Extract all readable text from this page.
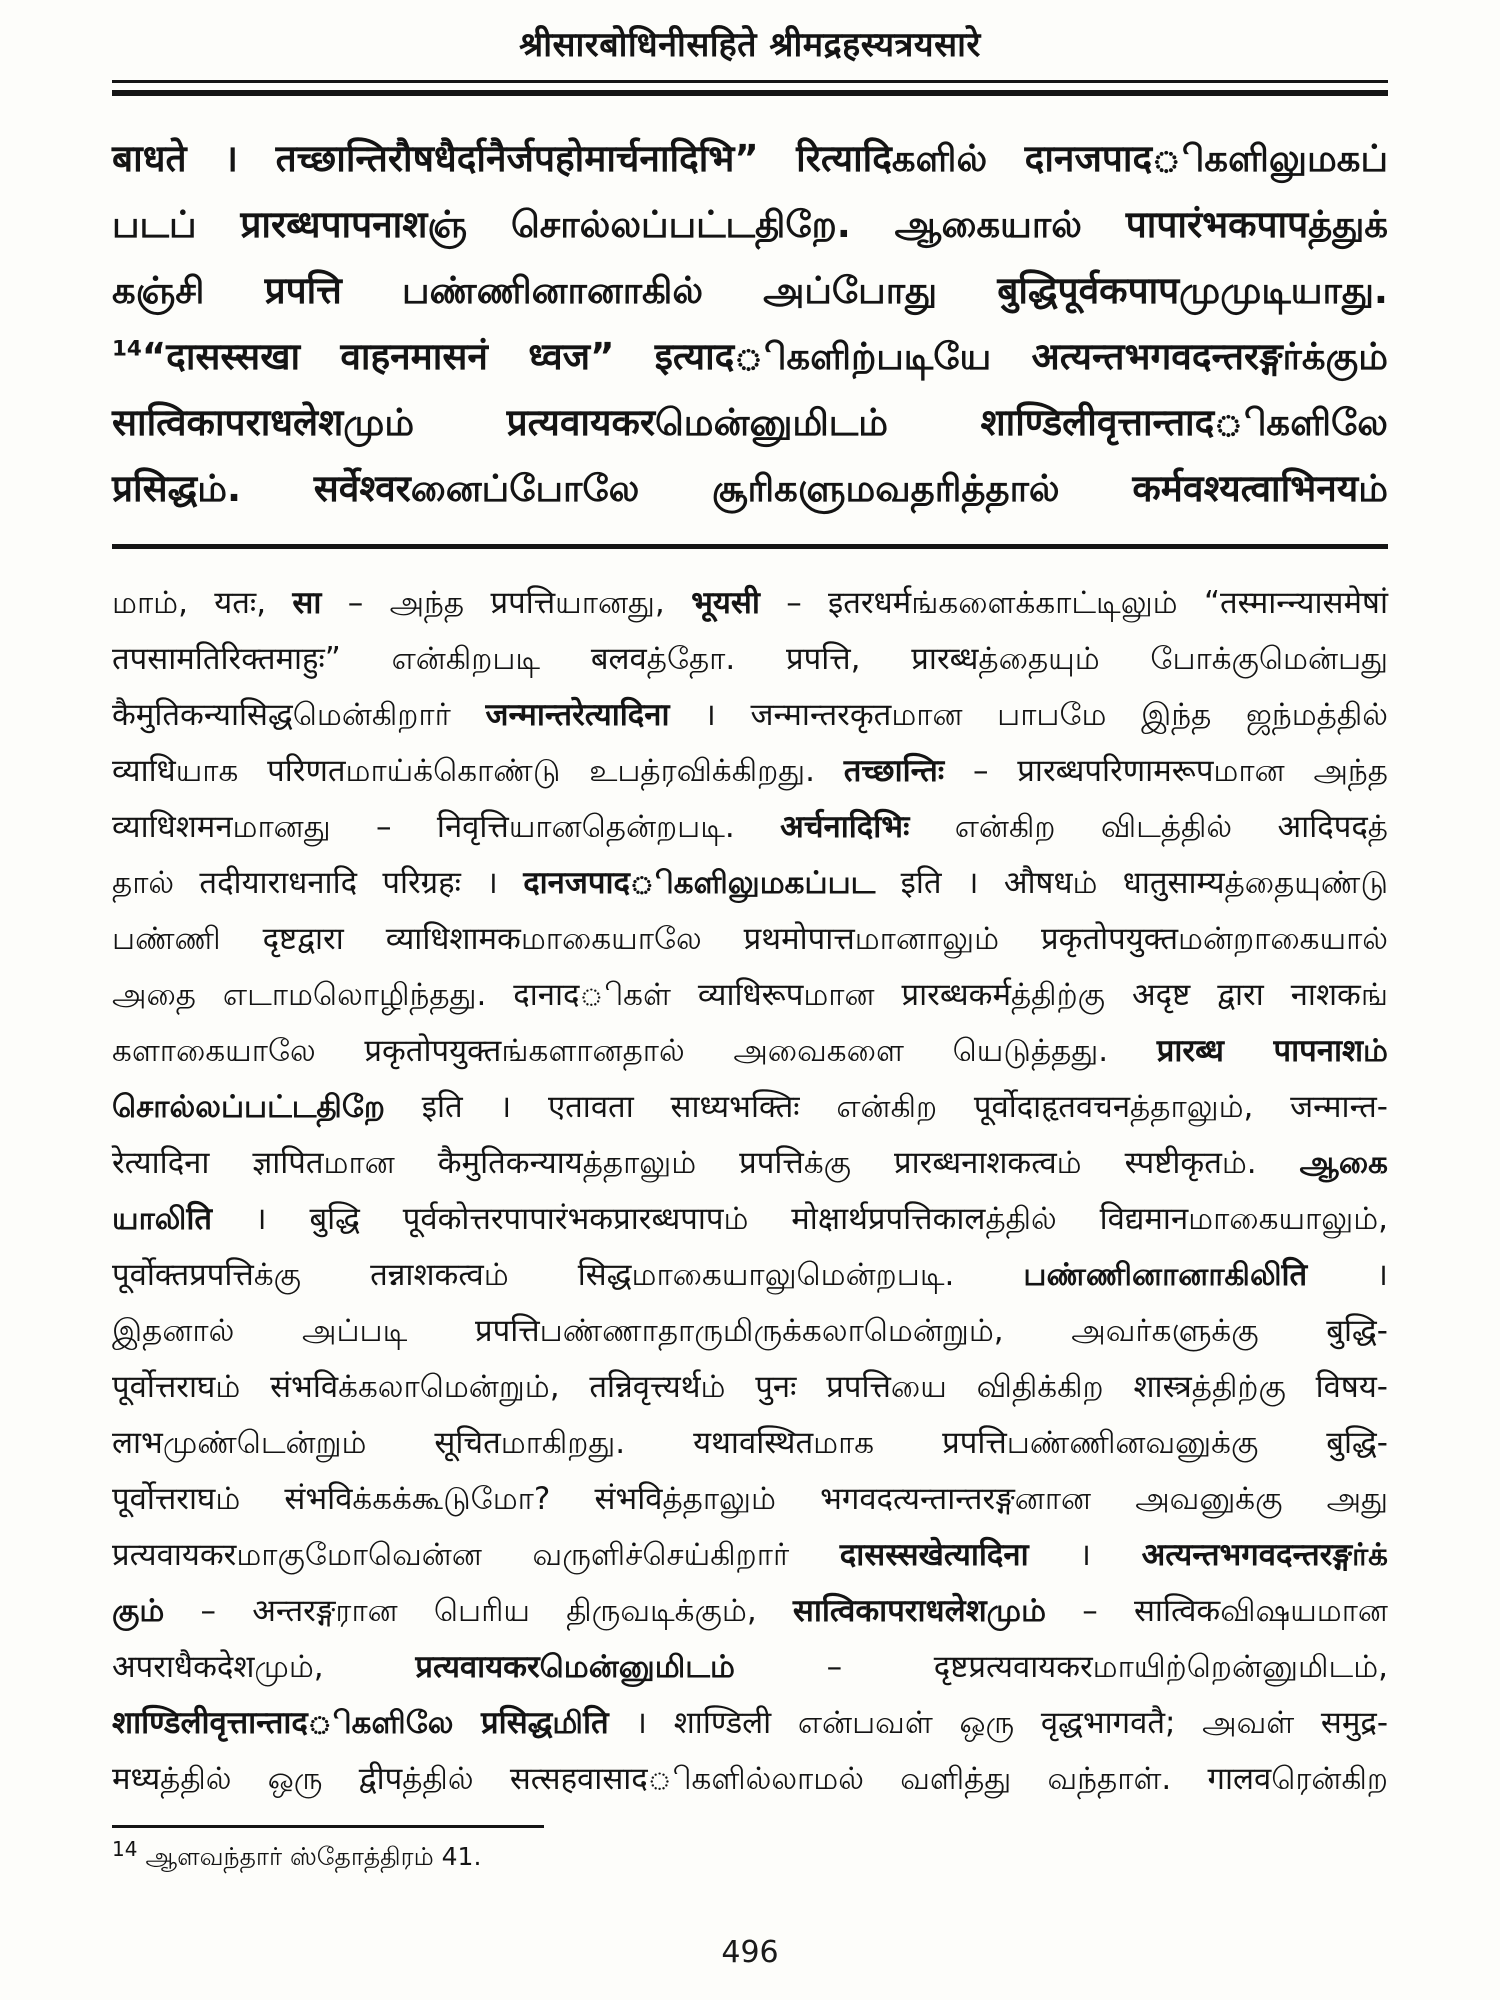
श्रीसारबोधिनीसहिते श्रीमद्रहस्यत्रयसारे
बाधते । तच्छान्तिरौषधैर्दानैर्जपहोमार्चनादिभि” रित्यादिகளில் दानजपादிகளிலுமகப்
படப் प्रारब्धपापनाशஞ் சொல்லப்பட்டதிறே. ஆகையால் पापारंभकपापத்துக்
கஞ்சி प्रपत्ति பண்ணினானாகில் அப்போது बुद्धिपूर्वकपापமுமுடியாது.
$^{14}$“दासस्सखा वाहनमासनं ध्वज” इत्यादிகளிற்படியே अत्यन्तभगवदन्तरङ्गர்க்கும்
सात्विकापराधलेशமும் प्रत्यवायकरமென்னுமிடம் शाण्डिलीवृत्तान्तादிகளிலே
प्रसिद्धம். सर्वेश्वरனைப்போலே சூரிகளுமவதரித்தால் कर्मवश्यत्वाभिनयம்
மாம், यतः, सा – அந்த प्रपत्तिயானது, भूयसी – इतरधर्मங்களைக்காட்டிலும் “तस्मान्न्यासमेषां
तपसामतिरिक्तमाहुः” என்கிறபடி बलवத்தோ. प्रपत्ति, प्रारब्धத்தையும் போக்குமென்பது
कैमुतिकन्यासिद्धமென்கிறார் जन्मान्तरेत्यादिना । जन्मान्तरकृतமான பாபமே இந்த ஜந்மத்தில்
व्याधिயாக परिणतமாய்க்கொண்டு உபத்ரவிக்கிறது. तच्छान्तिः – प्रारब्धपरिणामरूपமான அந்த
व्याधिशमनமானது – निवृत्तिயானதென்றபடி. अर्चनादिभिः என்கிற விடத்தில் आदिपदத்
தால் तदीयाराधनादि परिग्रहः । दानजपादிகளிலுமகப்பட इति । औषधம் धातुसाम्यத்தையுண்டு
பண்ணி दृष्टद्वारा व्याधिशामकமாகையாலே प्रथमोपात्तமானாலும் प्रकृतोपयुक्तமன்றாகையால்
அதை எடாமலொழிந்தது. दानादிகள் व्याधिरूपமான प्रारब्धकर्मத்திற்கு अदृष्ट द्वारा नाशकங்
களாகையாலே प्रकृतोपयुक्तங்களானதால் அவைகளை யெடுத்தது. प्रारब्ध पापनाशம்
சொல்லப்பட்டதிறே इति । एतावता साध्यभक्तिः என்கிற पूर्वोदाहृतवचनத்தாலும், जन्मान्त-
रेत्यादिना ज्ञापितமான कैमुतिकन्यायத்தாலும் प्रपत्तिக்கு प्रारब्धनाशकत्वம் स्पष्टीकृतம். ஆகை
யாலிति । बुद्धि पूर्वकोत्तरपापारंभकप्रारब्धपापம் मोक्षार्थप्रपत्तिकालத்தில் विद्यमानமாகையாலும்,
पूर्वोक्तप्रपत्तिக்கு तन्नाशकत्वம் सिद्धமாகையாலுமென்றபடி. பண்ணினானாகிலிति ।
இதனால் அப்படி प्रपत्तिபண்ணாதாருமிருக்கலாமென்றும், அவர்களுக்கு बुद्धि-
पूर्वोत्तराघம் संभविக்கலாமென்றும், तन्निवृत्त्यर्थம் पुनः प्रपत्तिயை விதிக்கிற शास्त्रத்திற்கு विषय-
लाभமுண்டென்றும் सूचितமாகிறது. यथावस्थितமாக प्रपत्तिபண்ணினவனுக்கு बुद्धि-
पूर्वोत्तराघம் संभविக்கக்கூடுமோ? संभविத்தாலும் भगवदत्यन्तान्तरङ्गனான அவனுக்கு அது
प्रत्यवायकरமாகுமோவென்ன வருளிச்செய்கிறார் दासस्सखेत्यादिना । अत्यन्तभगवदन्तरङ्गர்க்
கும் – अन्तरङ्गரான பெரிய திருவடிக்கும், सात्विकापराधलेशமும் – सात्विकவிஷயமான
अपराधैकदेशமும், प्रत्यवायकरமென்னுமிடம் – दृष्टप्रत्यवायकरமாயிற்றென்னுமிடம்,
शाण्डिलीवृत्तान्तादிகளிலே प्रसिद्धமிति । शाण्डिली என்பவள் ஒரு वृद्धभागवतै; அவள் समुद्र-
मध्यத்தில் ஒரு द्वीपத்தில் सत्सहवासादிகளில்லாமல் வளித்து வந்தாள். गालवரென்கிற
$^{14}$ ஆளவந்தார் ஸ்தோத்திரம் 41.
496
